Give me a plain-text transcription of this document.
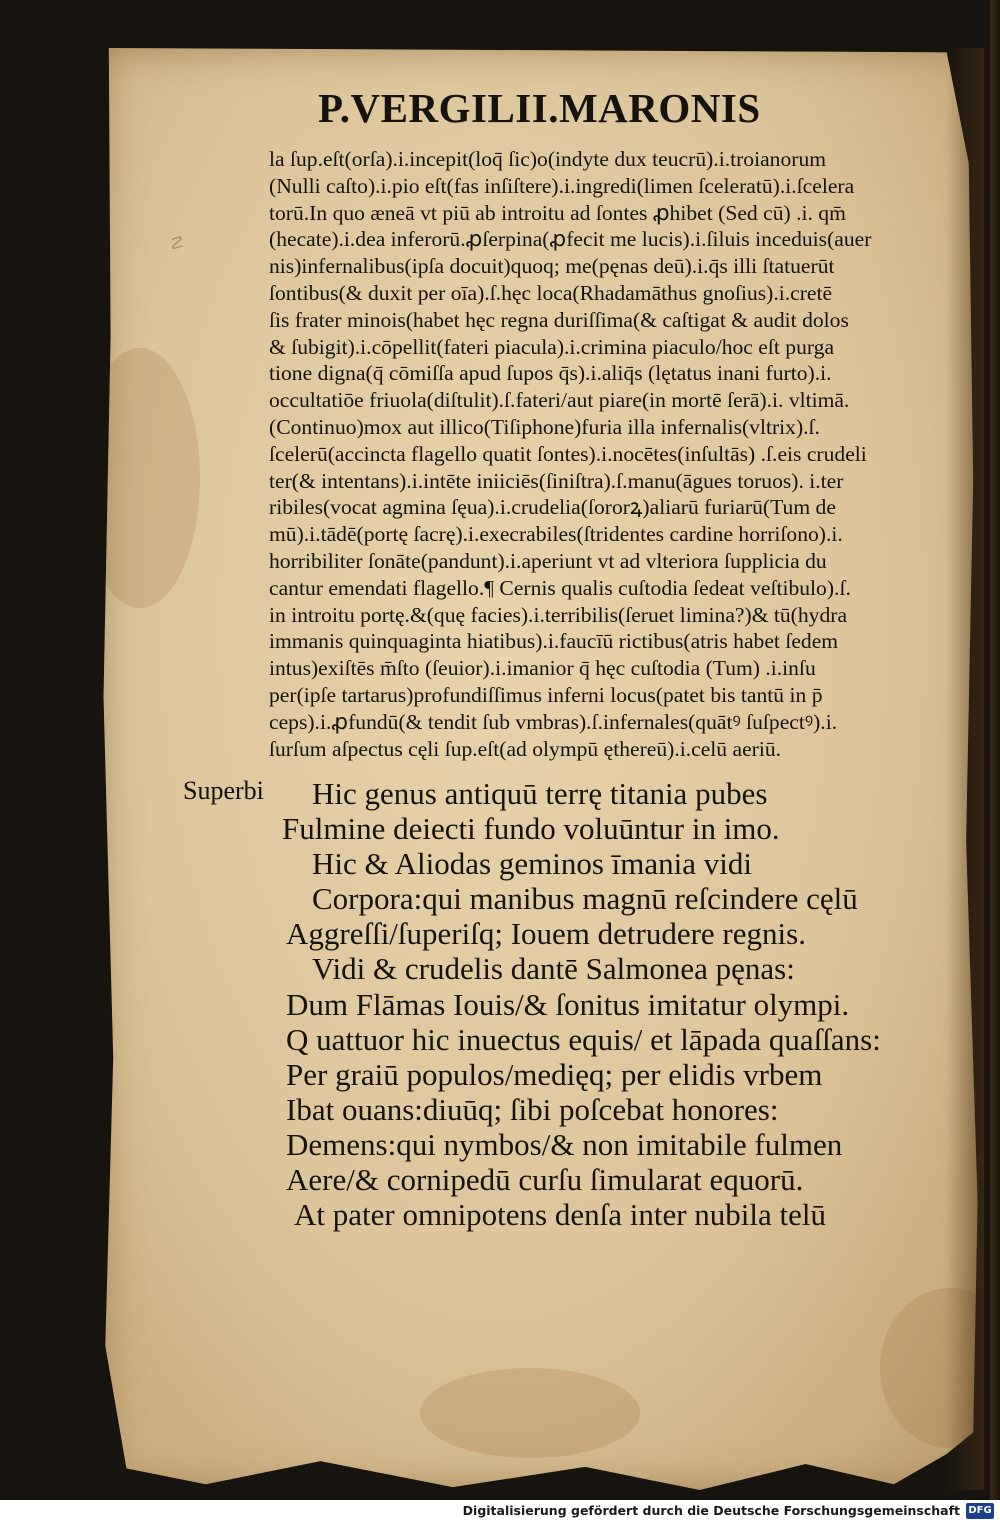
P.VERGILII.MARONIS
☡
la ſup.eſt(orſa).i.incepit(loq̄ ſic)o(indyte dux teucrū).i.troianorum
(Nulli caſto).i.pio eſt(fas inſiſtere).i.ingredi(limen ſceleratū).i.ſcelera
torū.In quo æneā vt piū ab introitu ad ſontes ꝓhibet (Sed cū) .i. qm̄
(hecate).i.dea inferorū.ꝓſerpina(ꝓfecit me lucis).i.ſiluis inceduis(auer
nis)infernalibus(ipſa docuit)quoq; me(pęnas deū).i.q̄s illi ſtatuerūt
ſontibus(& duxit per oīa).ſ.hęc loca(Rhadamāthus gnoſius).i.cretē
ſis frater minois(habet hęc regna duriſſima(& caſtigat & audit dolos
& ſubigit).i.cōpellit(fateri piacula).i.crimina piaculo/hoc eſt purga
tione digna(q̄ cōmiſſa apud ſupos q̄s).i.aliq̄s (lętatus inani furto).i.
occultatiōe friuola(diſtulit).ſ.fateri/aut piare(in mortē ſerā).i. vltimā.
(Continuo)mox aut illico(Tiſiphone)furia illa infernalis(vltrix).ſ.
ſcelerū(accincta flagello quatit ſontes).i.nocētes(inſultās) .ſ.eis crudeli
ter(& intentans).i.intēte iniiciēs(ſiniſtra).ſ.manu(āgues toruos). i.ter
ribiles(vocat agmina ſęua).i.crudelia(ſororꝝ)aliarū furiarū(Tum de
mū).i.tādē(portę ſacrę).i.execrabiles(ſtridentes cardine horriſono).i.
horribiliter ſonāte(pandunt).i.aperiunt vt ad vlteriora ſupplicia du
cantur emendati flagello.¶ Cernis qualis cuſtodia ſedeat veſtibulo).ſ.
in introitu portę.&(quę facies).i.terribilis(ſeruet limina?)& tū(hydra
immanis quinquaginta hiatibus).i.faucīū rictibus(atris habet ſedem
intus)exiſtēs m̄ſto (ſeuior).i.imanior q̄ hęc cuſtodia (Tum) .i.inſu
per(ipſe tartarus)profundiſſimus inferni locus(patet bis tantū in p̄
ceps).i.ꝓfundū(& tendit ſub vmbras).ſ.infernales(quātꝰ ſuſpectꝰ).i.
ſurſum aſpectus cęli ſup.eſt(ad olympū ęthereū).i.celū aeriū.
Superbi Hic genus antiquū terrę titania pubes
Fulmine deiecti fundo voluūntur in imo.
Hic & Aliodas geminos īmania vidi
Corpora:qui manibus magnū reſcindere cęlū
Aggreſſi/ſuperiſq; Iouem detrudere regnis.
Vidi & crudelis dantē Salmonea pęnas:
Dum Flāmas Iouis/& ſonitus imitatur olympi.
Q uattuor hic inuectus equis/ et lāpada quaſſans:
Per graiū populos/medięq; per elidis vrbem
Ibat ouans:diuūq; ſibi poſcebat honores:
Demens:qui nymbos/& non imitabile fulmen
Aere/& cornipedū curſu ſimularat equorū.
At pater omnipotens denſa inter nubila telū
Digitalisierung gefördert durch die Deutsche Forschungsgemeinschaft DFG
